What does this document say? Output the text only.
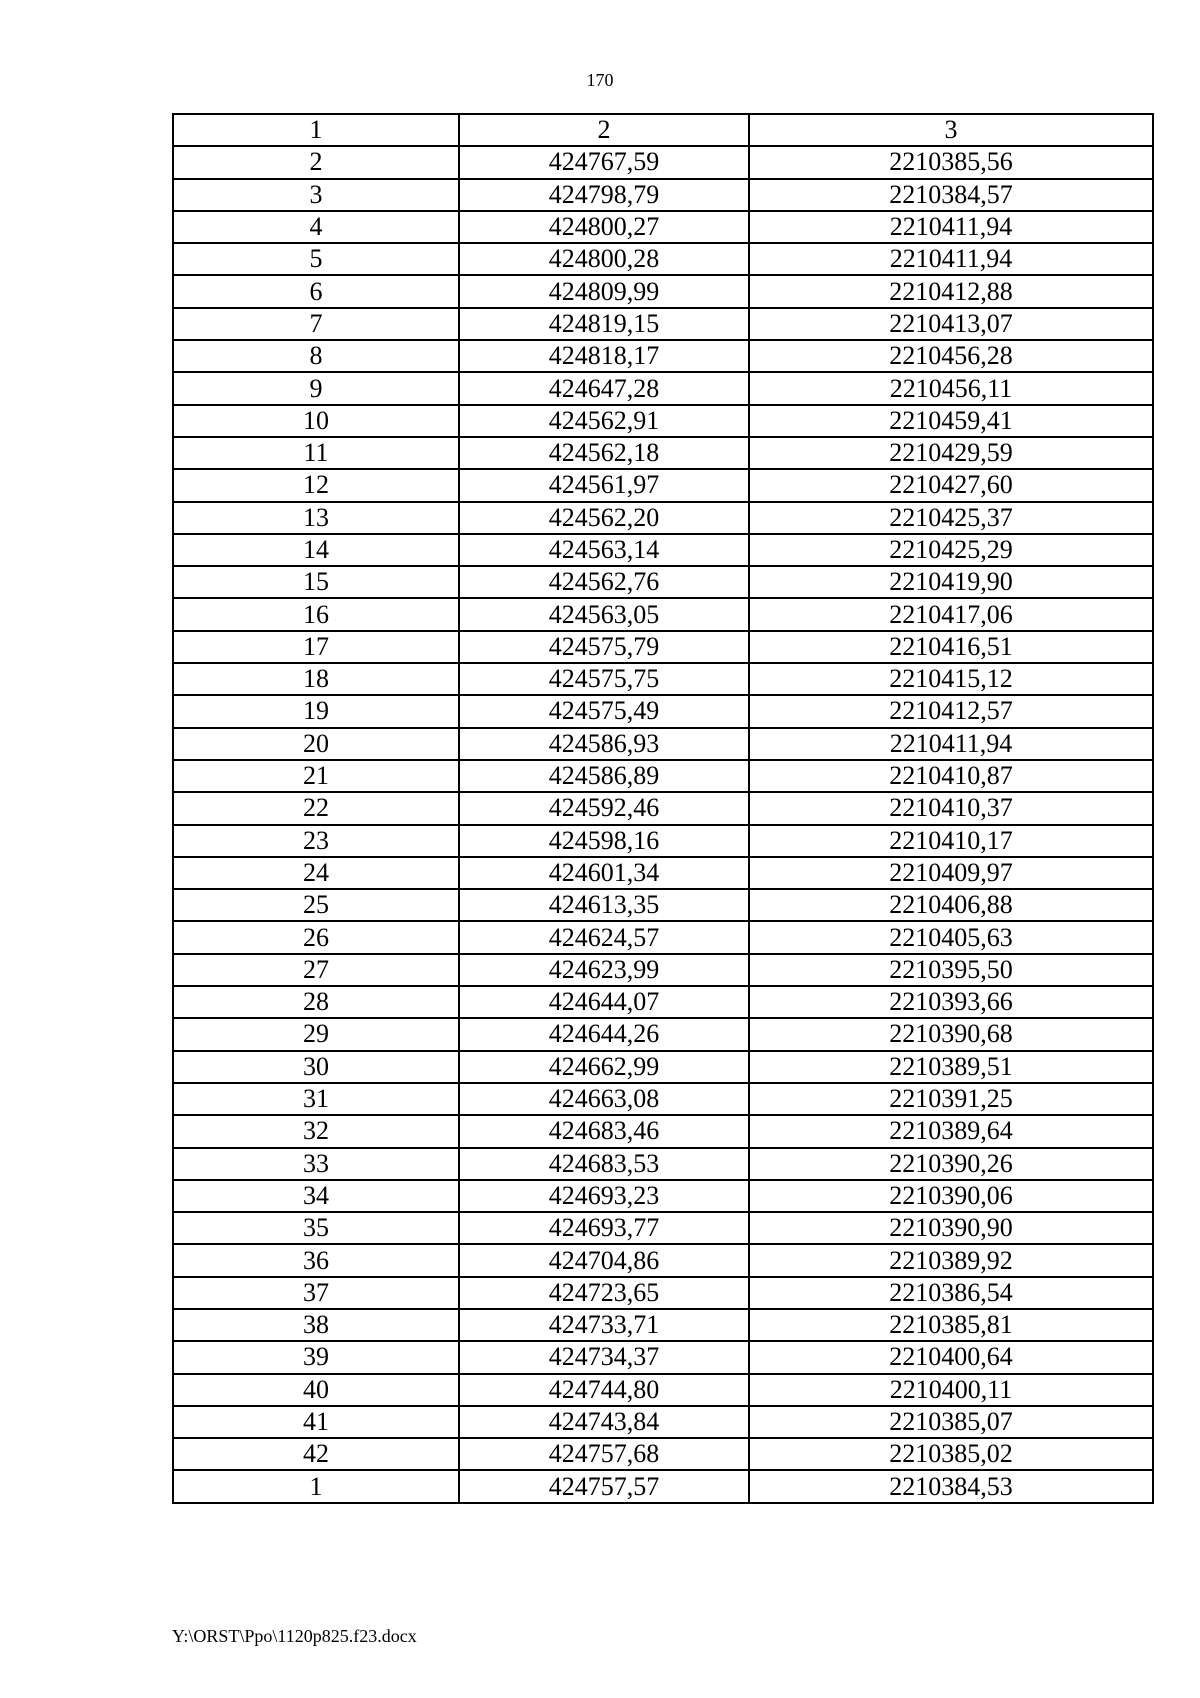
170
1	2	3
2	424767,59	2210385,56
3	424798,79	2210384,57
4	424800,27	2210411,94
5	424800,28	2210411,94
6	424809,99	2210412,88
7	424819,15	2210413,07
8	424818,17	2210456,28
9	424647,28	2210456,11
10	424562,91	2210459,41
11	424562,18	2210429,59
12	424561,97	2210427,60
13	424562,20	2210425,37
14	424563,14	2210425,29
15	424562,76	2210419,90
16	424563,05	2210417,06
17	424575,79	2210416,51
18	424575,75	2210415,12
19	424575,49	2210412,57
20	424586,93	2210411,94
21	424586,89	2210410,87
22	424592,46	2210410,37
23	424598,16	2210410,17
24	424601,34	2210409,97
25	424613,35	2210406,88
26	424624,57	2210405,63
27	424623,99	2210395,50
28	424644,07	2210393,66
29	424644,26	2210390,68
30	424662,99	2210389,51
31	424663,08	2210391,25
32	424683,46	2210389,64
33	424683,53	2210390,26
34	424693,23	2210390,06
35	424693,77	2210390,90
36	424704,86	2210389,92
37	424723,65	2210386,54
38	424733,71	2210385,81
39	424734,37	2210400,64
40	424744,80	2210400,11
41	424743,84	2210385,07
42	424757,68	2210385,02
1	424757,57	2210384,53
Y:\ORST\Ppo\1120p825.f23.docx
